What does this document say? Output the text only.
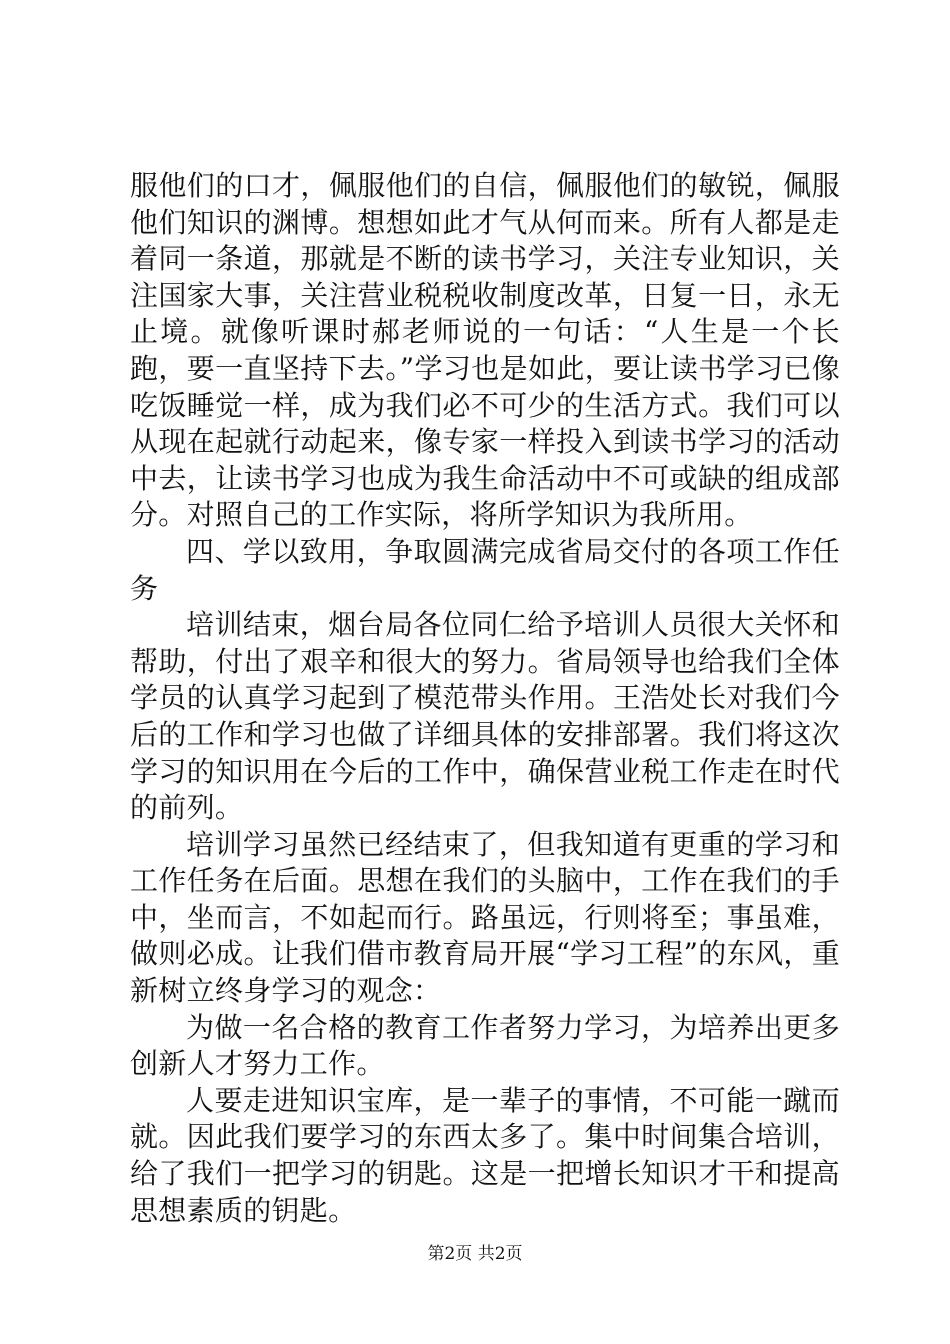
服他们的口才，佩服他们的自信，佩服他们的敏锐，佩服他们知识的渊博。想想如此才气从何而来。所有人都是走着同一条道，那就是不断的读书学习，关注专业知识，关注国家大事，关注营业税税收制度改革，日复一日，永无止境。就像听课时郝老师说的一句话：“人生是一个长跑，要一直坚持下去。”学习也是如此，要让读书学习已像吃饭睡觉一样，成为我们必不可少的生活方式。我们可以从现在起就行动起来，像专家一样投入到读书学习的活动中去，让读书学习也成为我生命活动中不可或缺的组成部分。对照自己的工作实际，将所学知识为我所用。

四、学以致用，争取圆满完成省局交付的各项工作任务

培训结束，烟台局各位同仁给予培训人员很大关怀和帮助，付出了艰辛和很大的努力。省局领导也给我们全体学员的认真学习起到了模范带头作用。王浩处长对我们今后的工作和学习也做了详细具体的安排部署。我们将这次学习的知识用在今后的工作中，确保营业税工作走在时代的前列。

培训学习虽然已经结束了，但我知道有更重的学习和工作任务在后面。思想在我们的头脑中，工作在我们的手中，坐而言，不如起而行。路虽远，行则将至；事虽难，做则必成。让我们借市教育局开展“学习工程”的东风，重新树立终身学习的观念：

为做一名合格的教育工作者努力学习，为培养出更多创新人才努力工作。

人要走进知识宝库，是一辈子的事情，不可能一蹴而就。因此我们要学习的东西太多了。集中时间集合培训，给了我们一把学习的钥匙。这是一把增长知识才干和提高思想素质的钥匙。

第2页 共2页
